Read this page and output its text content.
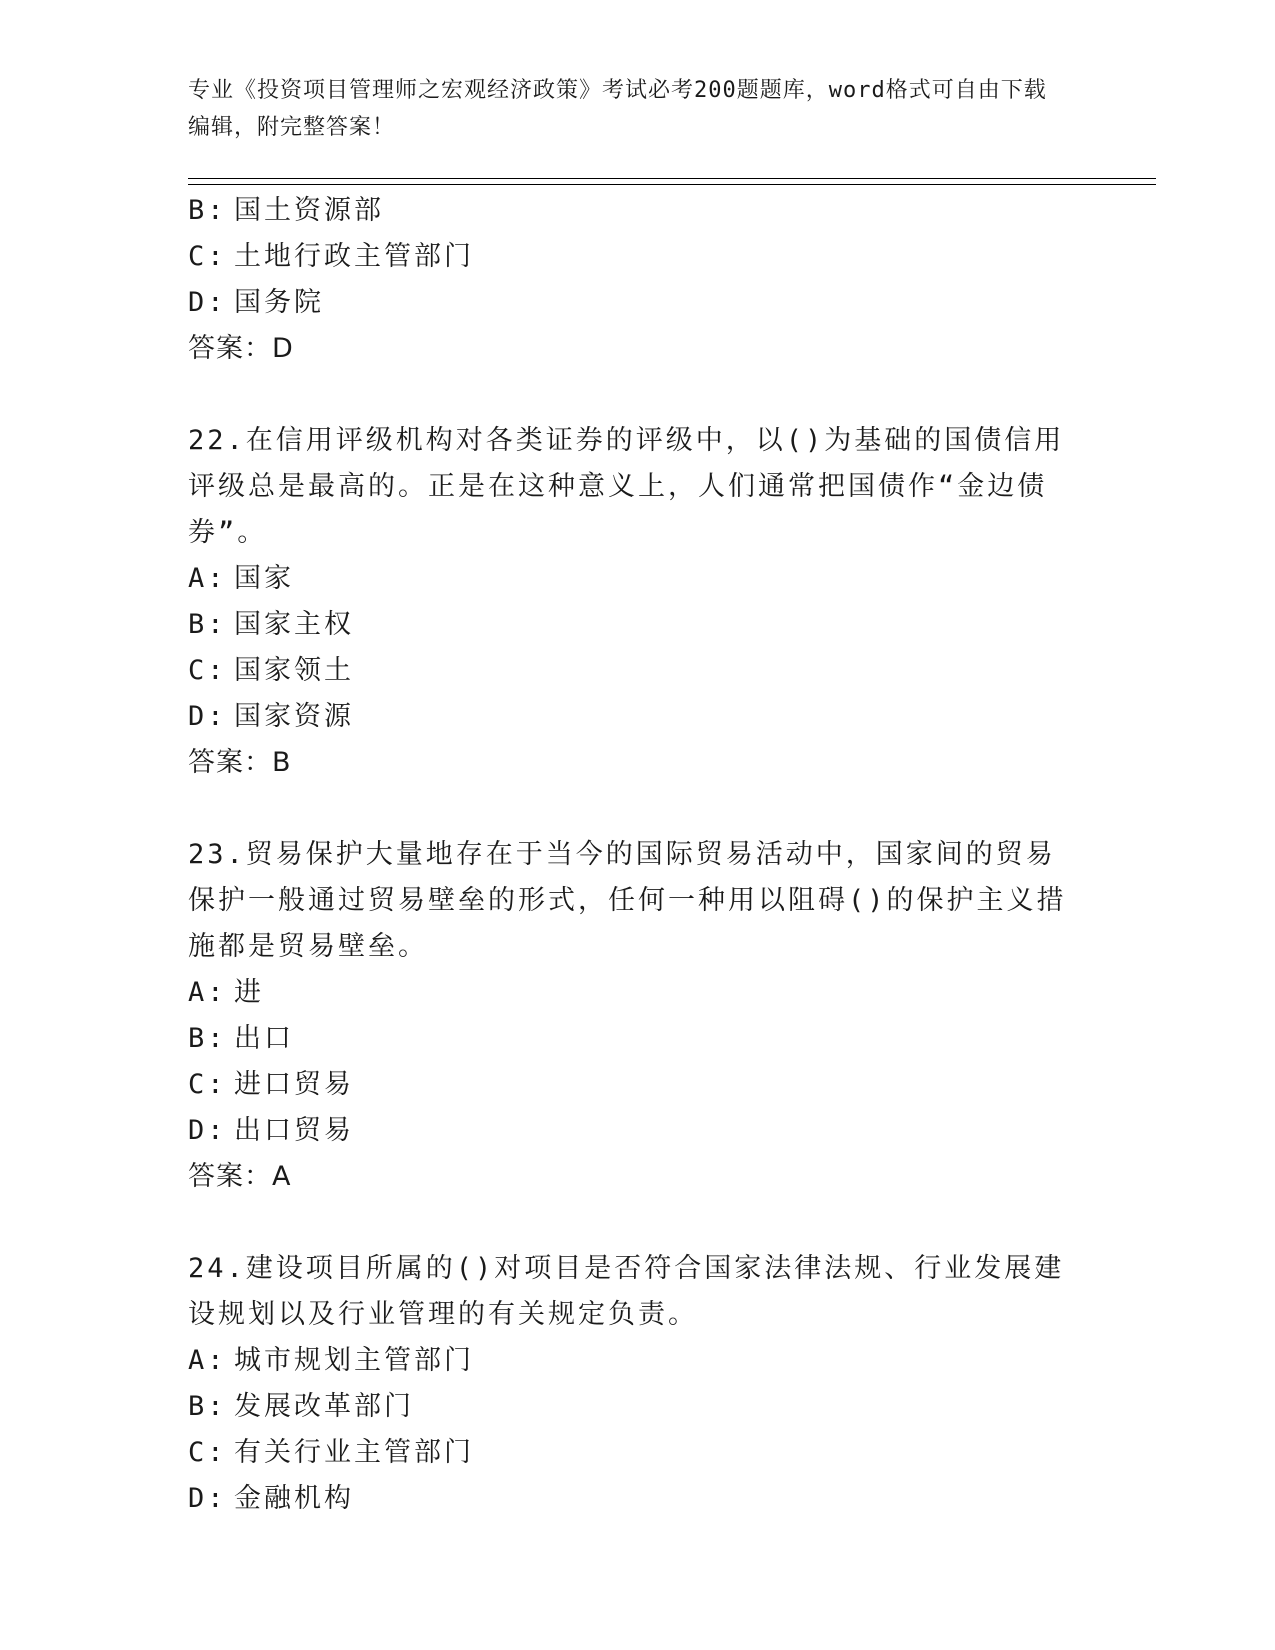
专业《投资项目管理师之宏观经济政策》考试必考200题题库，word格式可自由下载编辑，附完整答案！
B: 国土资源部
C: 土地行政主管部门
D: 国务院
答案：D
22.在信用评级机构对各类证券的评级中，以()为基础的国债信用评级总是最高的。正是在这种意义上，人们通常把国债作“金边债券”。
A: 国家
B: 国家主权
C: 国家领土
D: 国家资源
答案：B
23.贸易保护大量地存在于当今的国际贸易活动中，国家间的贸易保护一般通过贸易壁垒的形式，任何一种用以阻碍()的保护主义措施都是贸易壁垒。
A: 进
B: 出口
C: 进口贸易
D: 出口贸易
答案：A
24.建设项目所属的()对项目是否符合国家法律法规、行业发展建设规划以及行业管理的有关规定负责。
A: 城市规划主管部门
B: 发展改革部门
C: 有关行业主管部门
D: 金融机构
